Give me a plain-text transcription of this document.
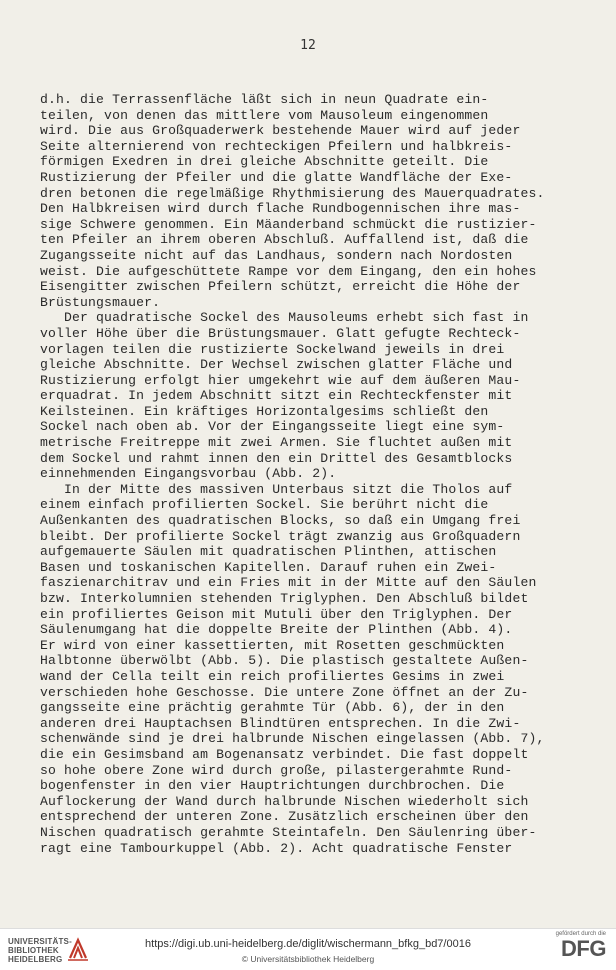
12
d.h. die Terrassenfläche läßt sich in neun Quadrate ein-
teilen, von denen das mittlere vom Mausoleum eingenommen
wird. Die aus Großquaderwerk bestehende Mauer wird auf jeder
Seite alternierend von rechteckigen Pfeilern und halbkreis-
förmigen Exedren in drei gleiche Abschnitte geteilt. Die
Rustizierung der Pfeiler und die glatte Wandfläche der Exe-
dren betonen die regelmäßige Rhythmisierung des Mauerquadrates.
Den Halbkreisen wird durch flache Rundbogennischen ihre mas-
sige Schwere genommen. Ein Mäanderband schmückt die rustizier-
ten Pfeiler an ihrem oberen Abschluß. Auffallend ist, daß die
Zugangsseite nicht auf das Landhaus, sondern nach Nordosten
weist. Die aufgeschüttete Rampe vor dem Eingang, den ein hohes
Eisengitter zwischen Pfeilern schützt, erreicht die Höhe der
Brüstungsmauer.
Der quadratische Sockel des Mausoleums erhebt sich fast in
voller Höhe über die Brüstungsmauer. Glatt gefugte Rechteck-
vorlagen teilen die rustizierte Sockelwand jeweils in drei
gleiche Abschnitte. Der Wechsel zwischen glatter Fläche und
Rustizierung erfolgt hier umgekehrt wie auf dem äußeren Mau-
erquadrat. In jedem Abschnitt sitzt ein Rechteckfenster mit
Keilsteinen. Ein kräftiges Horizontalgesims schließt den
Sockel nach oben ab. Vor der Eingangsseite liegt eine sym-
metrische Freitreppe mit zwei Armen. Sie fluchtet außen mit
dem Sockel und rahmt innen den ein Drittel des Gesamtblocks
einnehmenden Eingangsvorbau (Abb. 2).
In der Mitte des massiven Unterbaus sitzt die Tholos auf
einem einfach profilierten Sockel. Sie berührt nicht die
Außenkanten des quadratischen Blocks, so daß ein Umgang frei
bleibt. Der profilierte Sockel trägt zwanzig aus Großquadern
aufgemauerte Säulen mit quadratischen Plinthen, attischen
Basen und toskanischen Kapitellen. Darauf ruhen ein Zwei-
faszienarchitrav und ein Fries mit in der Mitte auf den Säulen
bzw. Interkolumnien stehenden Triglyphen. Den Abschluß bildet
ein profiliertes Geison mit Mutuli über den Triglyphen. Der
Säulenumgang hat die doppelte Breite der Plinthen (Abb. 4).
Er wird von einer kassettierten, mit Rosetten geschmückten
Halbtonne überwölbt (Abb. 5). Die plastisch gestaltete Außen-
wand der Cella teilt ein reich profiliertes Gesims in zwei
verschieden hohe Geschosse. Die untere Zone öffnet an der Zu-
gangsseite eine prächtig gerahmte Tür (Abb. 6), der in den
anderen drei Hauptachsen Blindtüren entsprechen. In die Zwi-
schenwände sind je drei halbrunde Nischen eingelassen (Abb. 7),
die ein Gesimsband am Bogenansatz verbindet. Die fast doppelt
so hohe obere Zone wird durch große, pilastergerahmte Rund-
bogenfenster in den vier Hauptrichtungen durchbrochen. Die
Auflockerung der Wand durch halbrunde Nischen wiederholt sich
entsprechend der unteren Zone. Zusätzlich erscheinen über den
Nischen quadratisch gerahmte Steintafeln. Den Säulenring über-
ragt eine Tambourkuppel (Abb. 2). Acht quadratische Fenster
UNIVERSITÄTS-
BIBLIOTHEK
HEIDELBERG
https://digi.ub.uni-heidelberg.de/diglit/wischermann_bfkg_bd7/0016
© Universitätsbibliothek Heidelberg
gefördert durch die
DFG
